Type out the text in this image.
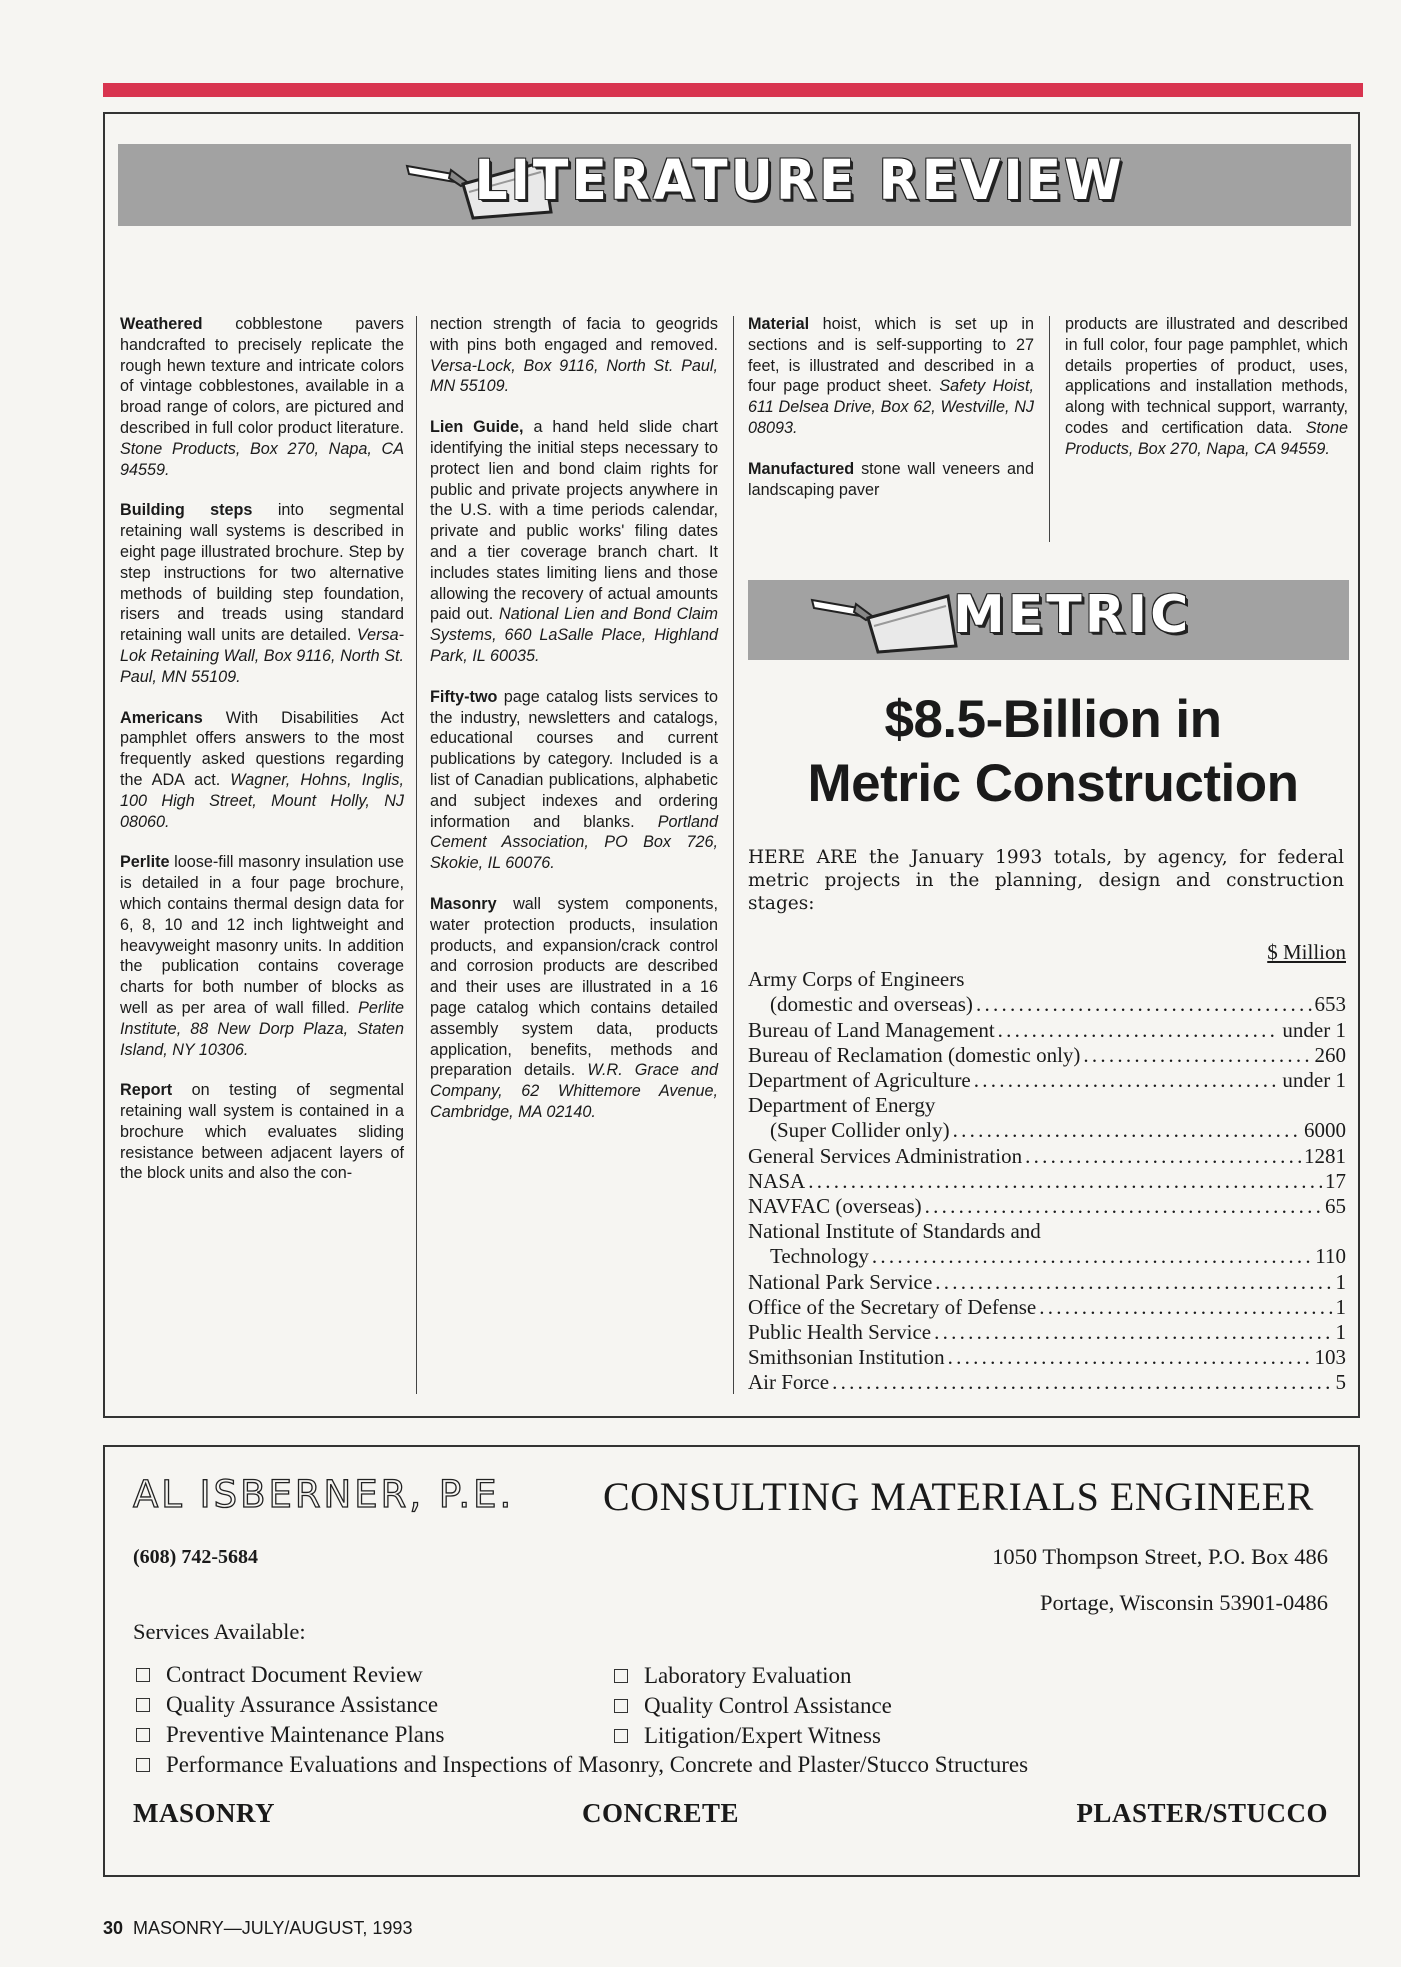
LITERATURE REVIEW

Weathered cobblestone pavers handcrafted to precisely replicate the rough hewn texture and intricate colors of vintage cobblestones, available in a broad range of colors, are pictured and described in full color product literature. Stone Products, Box 270, Napa, CA 94559.

Building steps into segmental retaining wall systems is described in eight page illustrated brochure. Step by step instructions for two alternative methods of building step foundation, risers and treads using standard retaining wall units are detailed. Versa-Lok Retaining Wall, Box 9116, North St. Paul, MN 55109.

Americans With Disabilities Act pamphlet offers answers to the most frequently asked questions regarding the ADA act. Wagner, Hohns, Inglis, 100 High Street, Mount Holly, NJ 08060.

Perlite loose-fill masonry insulation use is detailed in a four page brochure, which contains thermal design data for 6, 8, 10 and 12 inch lightweight and heavyweight masonry units. In addition the publication contains coverage charts for both number of blocks as well as per area of wall filled. Perlite Institute, 88 New Dorp Plaza, Staten Island, NY 10306.

Report on testing of segmental retaining wall system is contained in a brochure which evaluates sliding resistance between adjacent layers of the block units and also the con-

nection strength of facia to geogrids with pins both engaged and removed. Versa-Lock, Box 9116, North St. Paul, MN 55109.

Lien Guide, a hand held slide chart identifying the initial steps necessary to protect lien and bond claim rights for public and private projects anywhere in the U.S. with a time periods calendar, private and public works' filing dates and a tier coverage branch chart. It includes states limiting liens and those allowing the recovery of actual amounts paid out. National Lien and Bond Claim Systems, 660 LaSalle Place, Highland Park, IL 60035.

Fifty-two page catalog lists services to the industry, newsletters and catalogs, educational courses and current publications by category. Included is a list of Canadian publications, alphabetic and subject indexes and ordering information and blanks. Portland Cement Association, PO Box 726, Skokie, IL 60076.

Masonry wall system components, water protection products, insulation products, and expansion/crack control and corrosion products are described and their uses are illustrated in a 16 page catalog which contains detailed assembly system data, products application, benefits, methods and preparation details. W.R. Grace and Company, 62 Whittemore Avenue, Cambridge, MA 02140.

Material hoist, which is set up in sections and is self-supporting to 27 feet, is illustrated and described in a four page product sheet. Safety Hoist, 611 Delsea Drive, Box 62, Westville, NJ 08093.

Manufactured stone wall veneers and landscaping paver

products are illustrated and described in full color, four page pamphlet, which details properties of product, uses, applications and installation methods, along with technical support, warranty, codes and certification data. Stone Products, Box 270, Napa, CA 94559.

METRIC
$8.5-Billion in
Metric Construction
HERE ARE the January 1993 totals, by agency, for federal metric projects in the planning, design and construction stages:
$ Million
Army Corps of Engineers
(domestic and overseas) . . .	653
Bureau of Land Management . . .	under 1
Bureau of Reclamation (domestic only) . . .	260
Department of Agriculture . . .	under 1
Department of Energy
(Super Collider only) . . .	6000
General Services Administration . . .	1281
NASA . . .	17
NAVFAC (overseas) . . .	65
National Institute of Standards and
Technology . . .	110
National Park Service . . .	1
Office of the Secretary of Defense . . .	1
Public Health Service . . .	1
Smithsonian Institution . . .	103
Air Force . . .	5
AL ISBERNER, P.E. CONSULTING MATERIALS ENGINEER
(608) 742-5684	1050 Thompson Street, P.O. Box 486
Portage, Wisconsin 53901-0486
Services Available:
Contract Document Review	Laboratory Evaluation
Quality Assurance Assistance	Quality Control Assistance
Preventive Maintenance Plans	Litigation/Expert Witness
Performance Evaluations and Inspections of Masonry, Concrete and Plaster/Stucco Structures
MASONRY	CONCRETE	PLASTER/STUCCO
30 MASONRY—JULY/AUGUST, 1993
